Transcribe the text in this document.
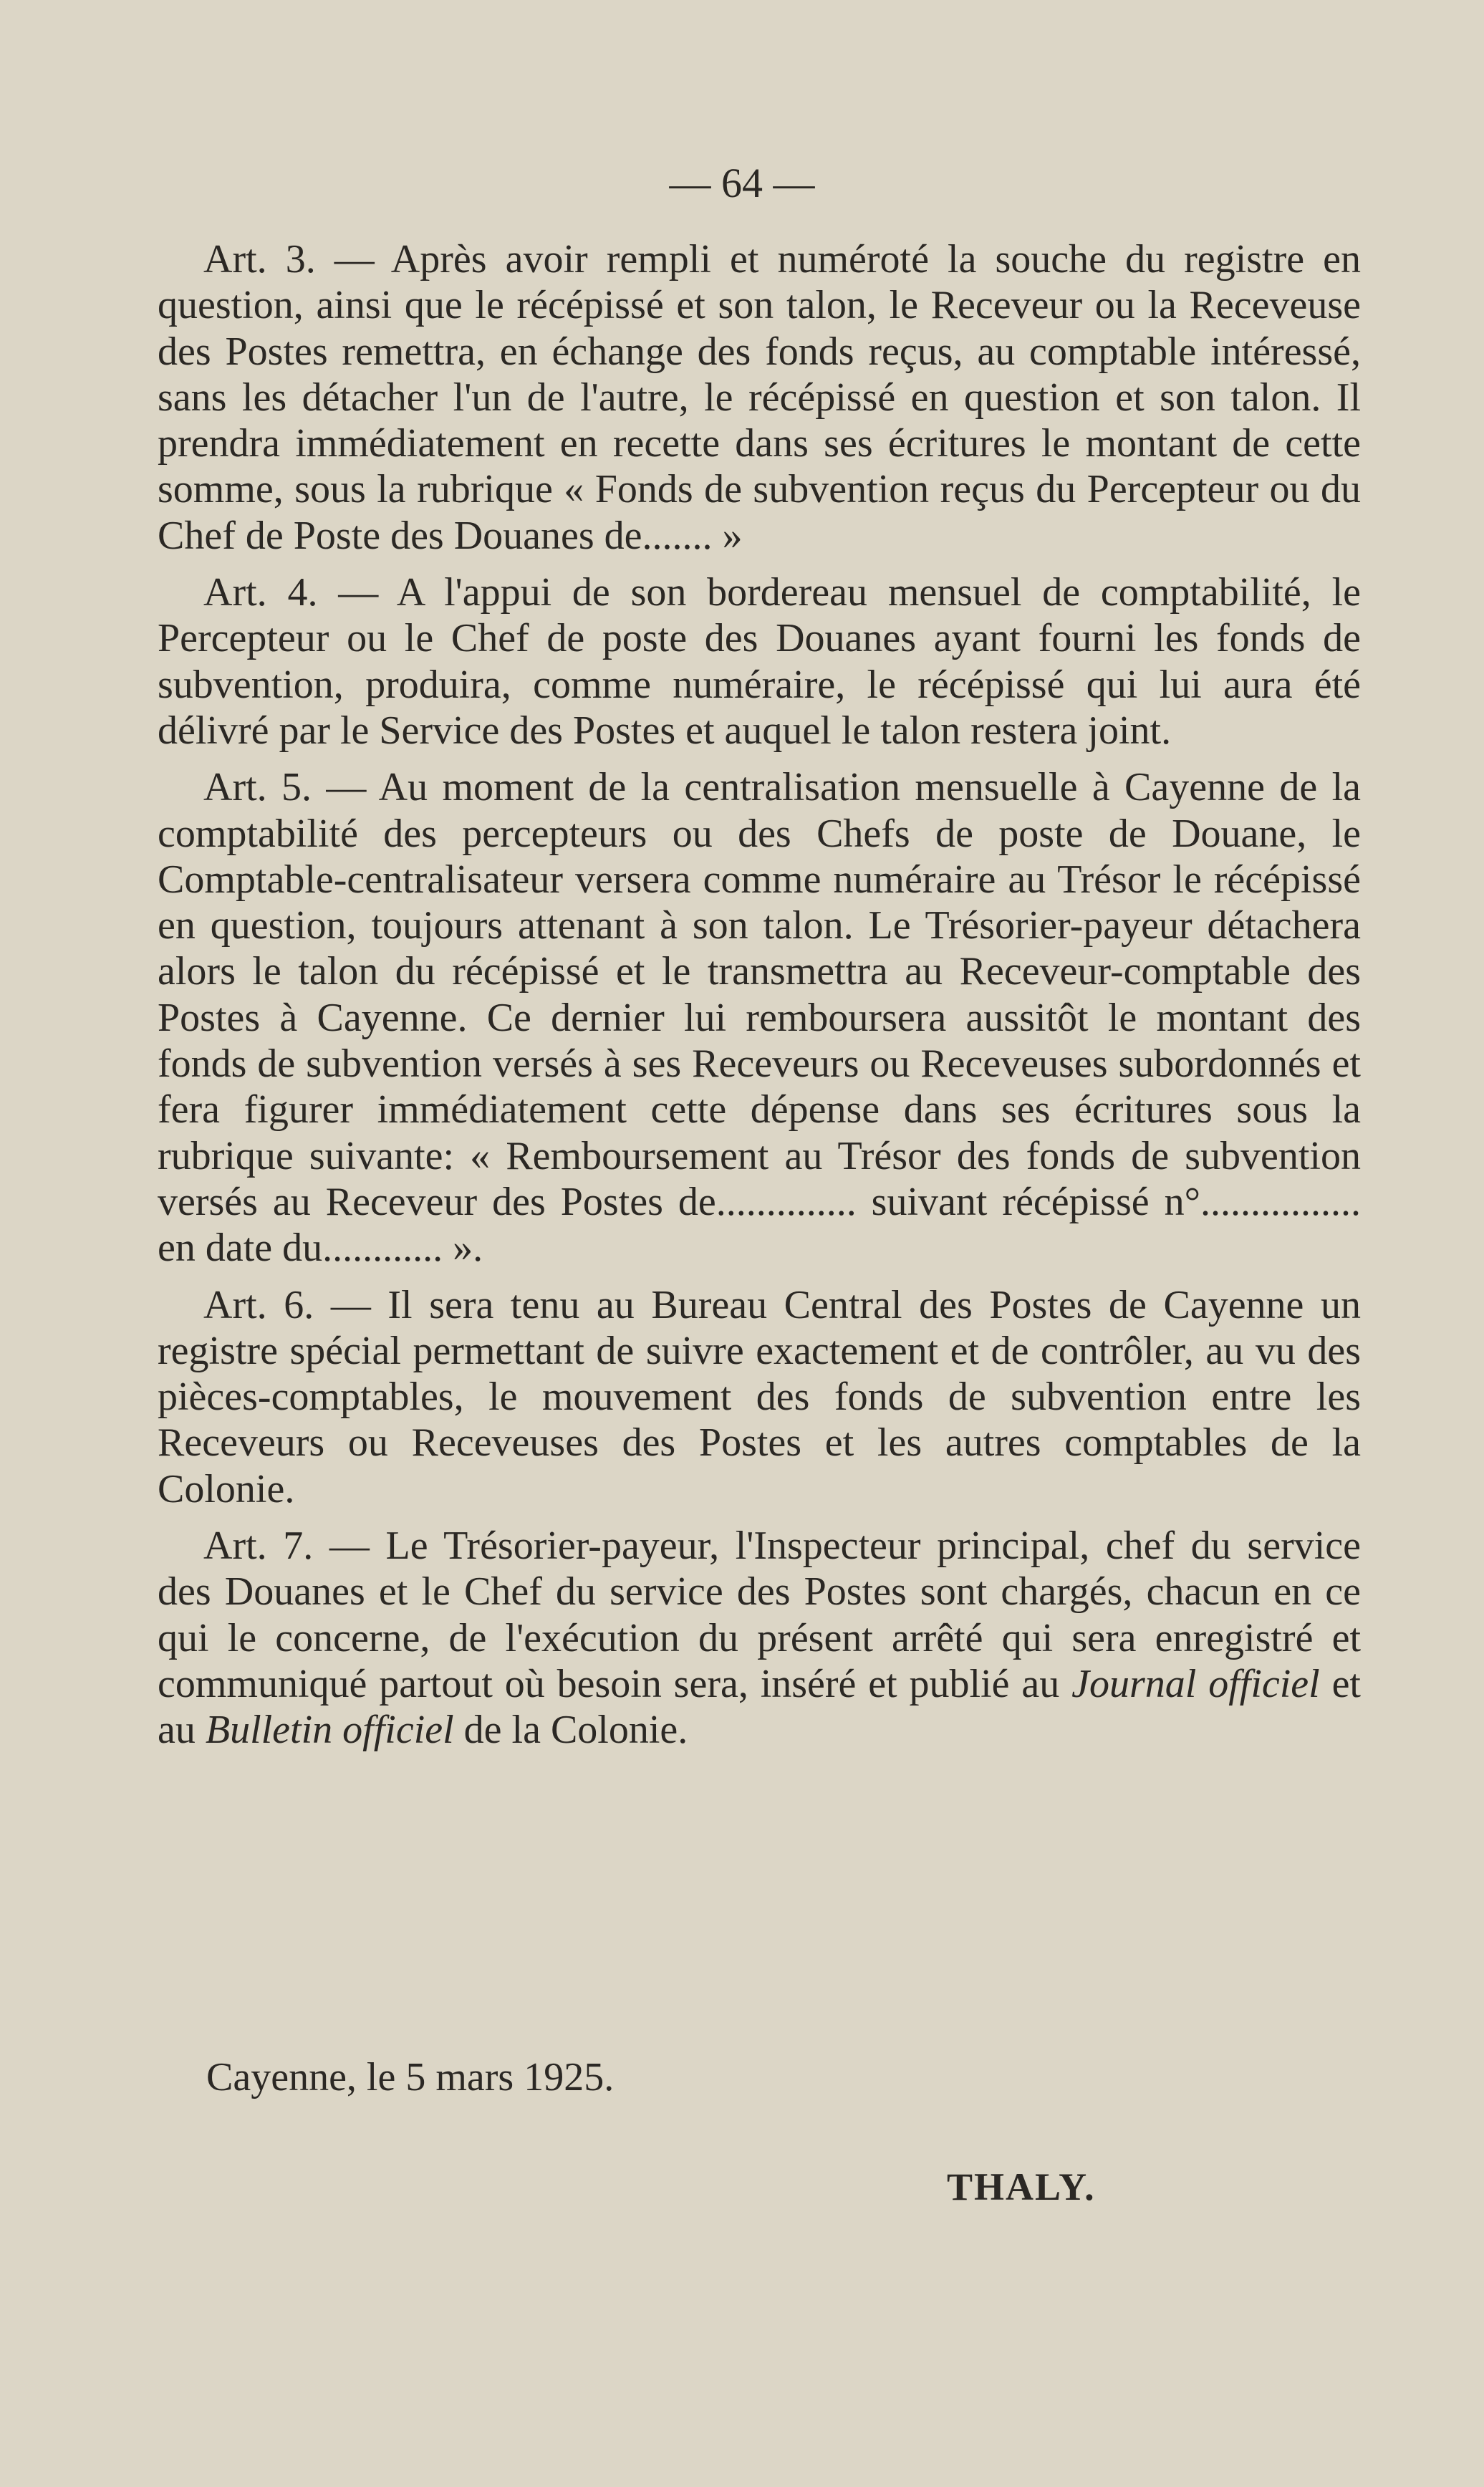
— 64 —

Art. 3. — Après avoir rempli et numéroté la souche du registre en question, ainsi que le récépissé et son talon, le Receveur ou la Receveuse des Postes remettra, en échange des fonds reçus, au comptable intéressé, sans les détacher l'un de l'autre, le récépissé en question et son talon. Il prendra immédiatement en recette dans ses écritures le montant de cette somme, sous la rubrique « Fonds de subvention reçus du Percepteur ou du Chef de Poste des Douanes de....... »

Art. 4. — A l'appui de son bordereau mensuel de comptabilité, le Percepteur ou le Chef de poste des Douanes ayant fourni les fonds de subvention, produira, comme numéraire, le récépissé qui lui aura été délivré par le Service des Postes et auquel le talon restera joint.

Art. 5. — Au moment de la centralisation mensuelle à Cayenne de la comptabilité des percepteurs ou des Chefs de poste de Douane, le Comptable-centralisateur versera comme numéraire au Trésor le récépissé en question, toujours attenant à son talon. Le Trésorier-payeur détachera alors le talon du récépissé et le transmettra au Receveur-comptable des Postes à Cayenne. Ce dernier lui remboursera aussitôt le montant des fonds de subvention versés à ses Receveurs ou Receveuses subordonnés et fera figurer immédiatement cette dépense dans ses écritures sous la rubrique suivante: « Remboursement au Trésor des fonds de subvention versés au Receveur des Postes de.............. suivant récépissé n°................ en date du............ ».

Art. 6. — Il sera tenu au Bureau Central des Postes de Cayenne un registre spécial permettant de suivre exactement et de contrôler, au vu des pièces-comptables, le mouvement des fonds de subvention entre les Receveurs ou Receveuses des Postes et les autres comptables de la Colonie.

Art. 7. — Le Trésorier-payeur, l'Inspecteur principal, chef du service des Douanes et le Chef du service des Postes sont chargés, chacun en ce qui le concerne, de l'exécution du présent arrêté qui sera enregistré et communiqué partout où besoin sera, inséré et publié au Journal officiel et au Bulletin officiel de la Colonie.

Cayenne, le 5 mars 1925.
THALY.
